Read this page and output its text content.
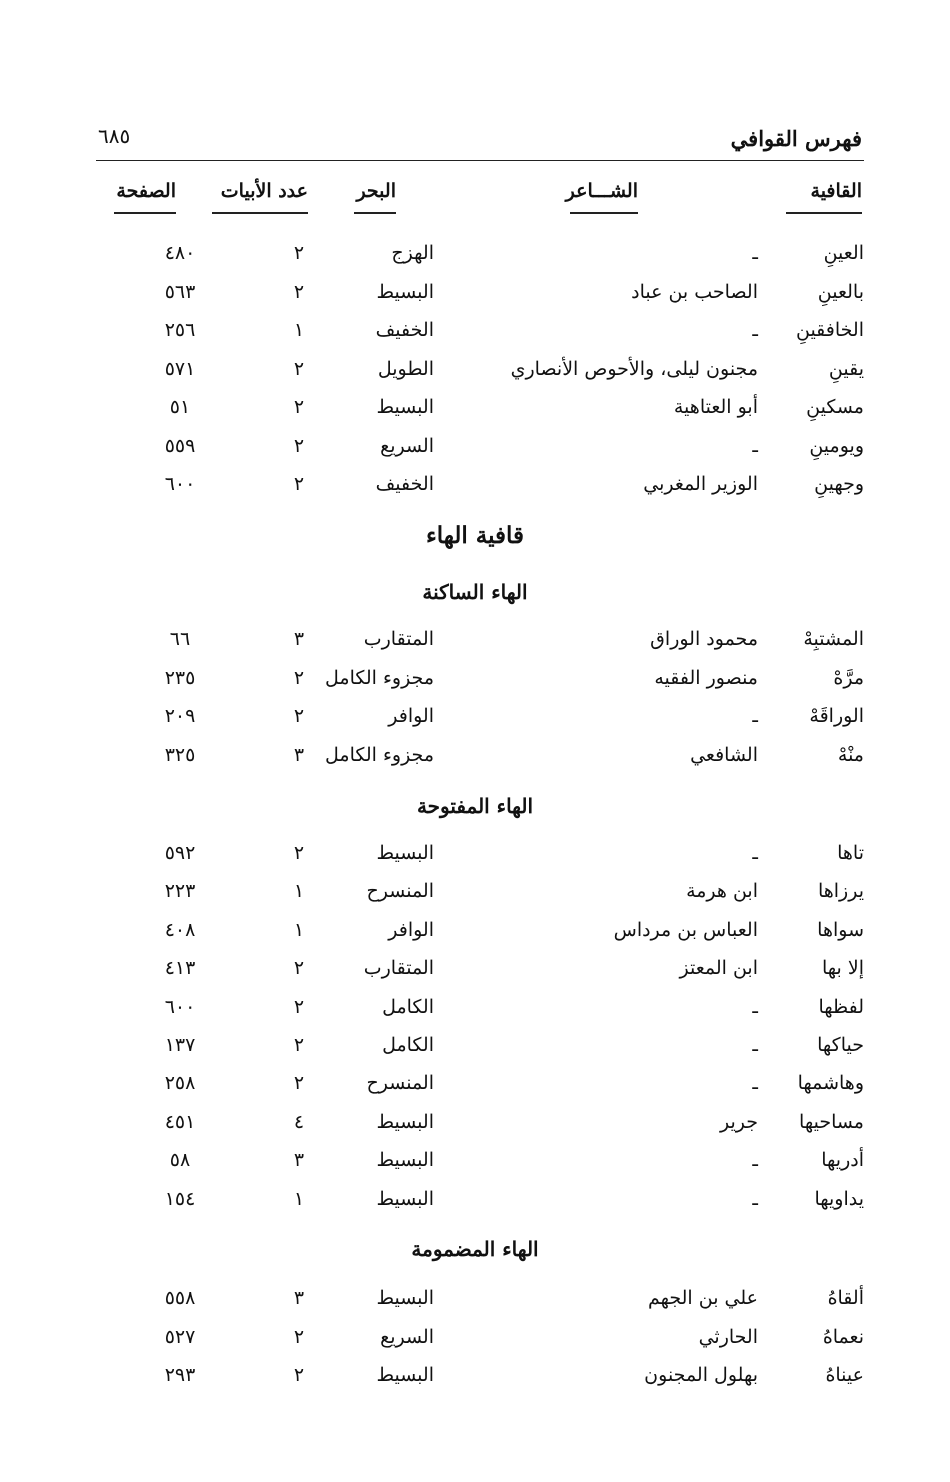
فهرس القوافي
٦٨٥
القافية
الشـــاعر
البحر
عدد الأبيات
الصفحة
العينِ
ـ
الهزج
٢
٤٨٠
بالعينِ
الصاحب بن عباد
البسيط
٢
٥٦٣
الخافقينِ
ـ
الخفيف
١
٢٥٦
يقينِ
مجنون ليلى، والأحوص الأنصاري
الطويل
٢
٥٧١
مسكينِ
أبو العتاهية
البسيط
٢
٥١
ويومينِ
ـ
السريع
٢
٥٥٩
وجهينِ
الوزير المغربي
الخفيف
٢
٦٠٠
قافية الهاء
الهاء الساكنة
المشتبِهْ
محمود الوراق
المتقارب
٣
٦٦
مرَّهْ
منصور الفقيه
مجزوء الكامل
٢
٢٣٥
الوراقَهْ
ـ
الوافر
٢
٢٠٩
منْهْ
الشافعي
مجزوء الكامل
٣
٣٢٥
الهاء المفتوحة
تاها
ـ
البسيط
٢
٥٩٢
يرزاها
ابن هرمة
المنسرح
١
٢٢٣
سواها
العباس بن مرداس
الوافر
١
٤٠٨
إلا بها
ابن المعتز
المتقارب
٢
٤١٣
لفظها
ـ
الكامل
٢
٦٠٠
حياكها
ـ
الكامل
٢
١٣٧
وهاشمها
ـ
المنسرح
٢
٢٥٨
مساحيها
جرير
البسيط
٤
٤٥١
أدريها
ـ
البسيط
٣
٥٨
يداويها
ـ
البسيط
١
١٥٤
الهاء المضمومة
ألقاهُ
علي بن الجهم
البسيط
٣
٥٥٨
نعماهُ
الحارثي
السريع
٢
٥٢٧
عيناهُ
بهلول المجنون
البسيط
٢
٢٩٣
